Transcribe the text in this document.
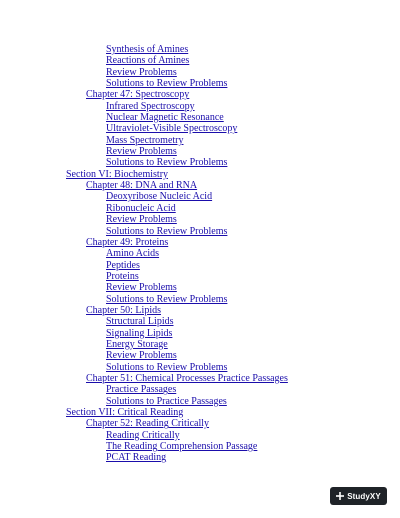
Synthesis of Amines
Reactions of Amines
Review Problems
Solutions to Review Problems
Chapter 47: Spectroscopy
Infrared Spectroscopy
Nuclear Magnetic Resonance
Ultraviolet-Visible Spectroscopy
Mass Spectrometry
Review Problems
Solutions to Review Problems
Section VI: Biochemistry
Chapter 48: DNA and RNA
Deoxyribose Nucleic Acid
Ribonucleic Acid
Review Problems
Solutions to Review Problems
Chapter 49: Proteins
Amino Acids
Peptides
Proteins
Review Problems
Solutions to Review Problems
Chapter 50: Lipids
Structural Lipids
Signaling Lipids
Energy Storage
Review Problems
Solutions to Review Problems
Chapter 51: Chemical Processes Practice Passages
Practice Passages
Solutions to Practice Passages
Section VII: Critical Reading
Chapter 52: Reading Critically
Reading Critically
The Reading Comprehension Passage
PCAT Reading
StudyXY
